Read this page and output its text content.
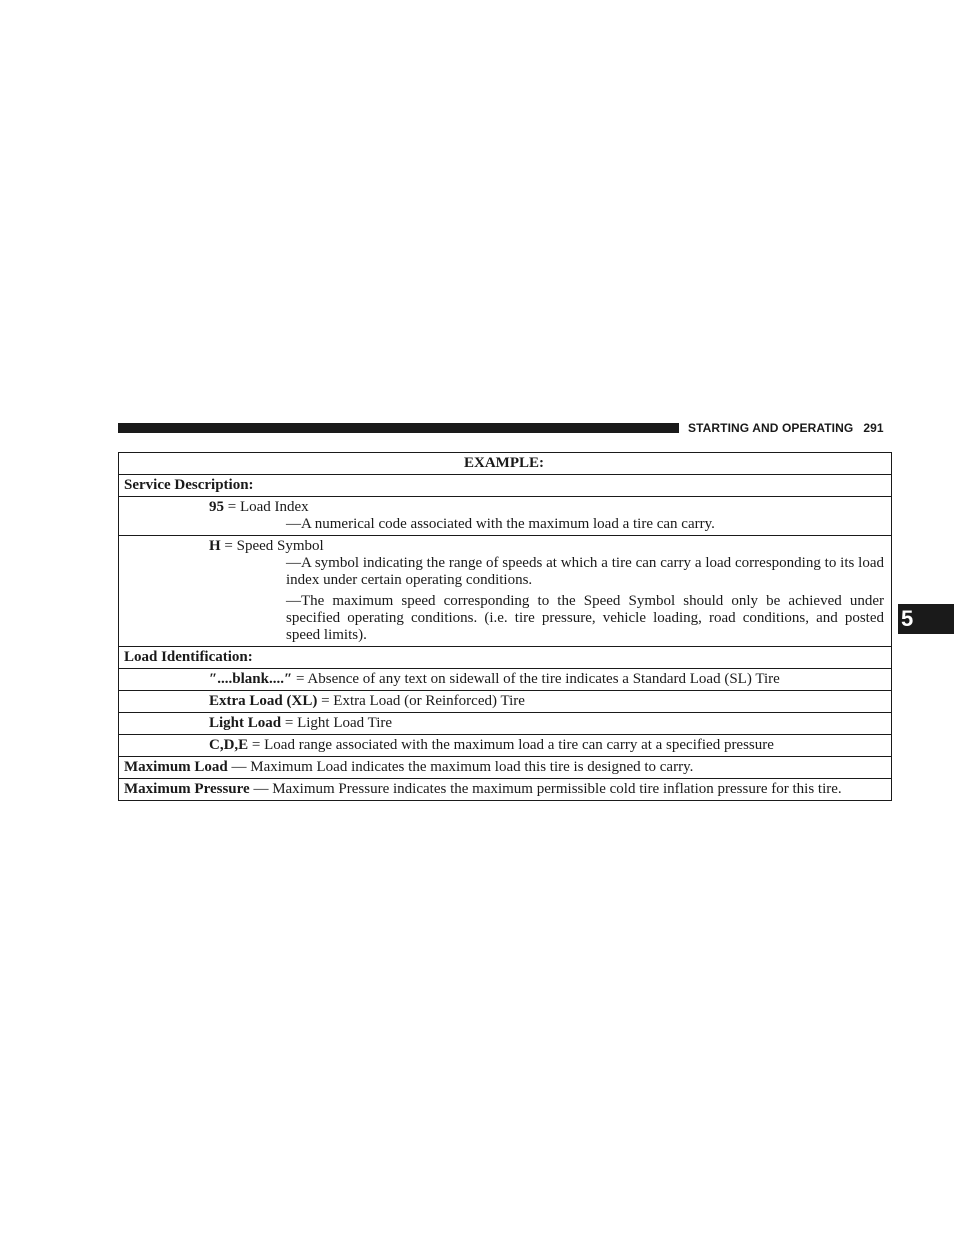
STARTING AND OPERATING 291
5
EXAMPLE:
Service Description:

95 = Load Index

—A numerical code associated with the maximum load a tire can carry.

H = Speed Symbol

—A symbol indicating the range of speeds at which a tire can carry a load corresponding to its load index under certain operating conditions.

—The maximum speed corresponding to the Speed Symbol should only be achieved under specified operating conditions. (i.e. tire pressure, vehicle loading, road conditions, and posted speed limits).

Load Identification:

″....blank....″ = Absence of any text on sidewall of the tire indicates a Standard Load (SL) Tire

Extra Load (XL) = Extra Load (or Reinforced) Tire

Light Load = Light Load Tire

C,D,E = Load range associated with the maximum load a tire can carry at a specified pressure

Maximum Load — Maximum Load indicates the maximum load this tire is designed to carry.
Maximum Pressure — Maximum Pressure indicates the maximum permissible cold tire inflation pressure for this tire.
